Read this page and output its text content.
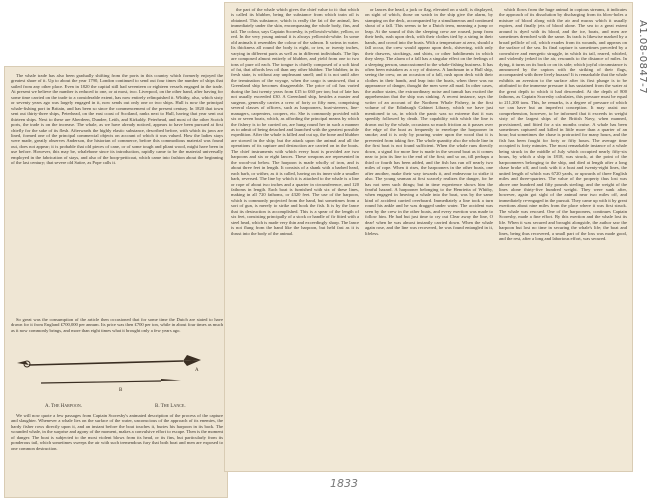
The whale trade has also been gradually shifting from the ports in this country which formerly enjoyed the greatest share of it. Up to about the year 1790, London continued to send out four times the number of ships that sailed from any other place. Even in 1820 the capital still had seventeen or eighteen vessels engaged in the trade. At present we believe the number is reduced to one, or at most, two. Liverpool, on the other hand, after having for some time carried on the trade to a considerable extent, has now entirely relinquished it. Whitby, also, which sixty or seventy years ago was largely engaged in it, now sends out only one or two ships. Hull is now the principal whale-fishing port in Britain, and has been so since the commencement of the present century. In 1820 that town sent out thirty-three ships, Peterhead, on the east coast of Scotland, ranks next to Hull, having that year sent out thirteen ships. Next to these are Aberdeen, Dundee, Leith, and Kirkaldy. Peterhead, and most of the other Scotch ports, the trade is on the increase. The whale, as we have already noticed, appears to have been pursued at first chiefly for the sake of its flesh. Afterwards the highly elastic substance, described before, with which its jaws are lined, formed one of the principal commercial objects on account of which it was valued. How the ladies stays were made, greatly observes Anderson, the historian of commerce, before this commodious material was found out, does not appear; it is probable that old pieces of cane, or of some tough and pliant wood, might have been in use before. However, this may be, whalebone since its introduction, rapidly came to be the material universally employed in the fabrication of stays, and also of the hoop-petticoat, which came into fashion about the beginning of the last century; that severe old Satire, as Pope calls it.

So great was the consumption of the article then occasioned that for some time the Dutch are stated to have drawn for it from England £700,000 per annum. Its price was then £700 per ton, while in about four times as much as it now commonly brings, and more than eight times what it brought only a few years ago.

B
A
A. The Harpoon.	B. The Lance.

We will now quote a few passages from Captain Scoresby's animated description of the process of the capture and slaughter. Whenever a whale lies on the surface of the water, unconscious of the approach of its enemies, the hardy fisher rows directly upon it, and an instant before the boat touches it, buries his harpoon in its back. The wounded whale, in the surprise and agony of the moment, makes a convulsive effort to escape. Then is the moment of danger. The boat is subjected to the most violent blows from its head, or its fins, but particularly from its ponderous tail, which sometimes sweeps the air with such tremendous fury that both boat and men are exposed to one common destruction.

the part of the whale which gives the chief value to it: that which is called its blubber, being the substance from which train oil is obtained. This substance, which is really the fat of the animal, lies immediately under the skin, encompassing the whole body, fins, and tail. The colour, says Captain Scoresby, is yellowish-white, yellow, or red. In the very young animal it is always yellowish-white. In some old animals it resembles the colour of the salmon. It swims in water. Its thickness all round the body is eight, or ten, or twenty inches, varying in different parts as well as in different individuals. The lips are composed almost entirely of blubber, and yield from one to two tons of pure oil each. The tongue is chiefly composed of a soft kind of fat, that affords less oil than any other blubber. The blubber, in its fresh state, is without any unpleasant smell; and it is not until after the termination of the voyage, when the cargo is unstowed, that a Greenland ship becomes disagreeable. The price of oil has varied during the last twenty years from £15 to £60 per ton; but of late has not usually exceeded £30. A Greenland ship, besides a master and surgeon, generally carries a crew of forty or fifty men, comprising several classes of officers, such as harpooners, boat-steerers, line-managers, carpenters, coopers, etc. She is commonly provided with six or seven boats, which, as affording the principal means by which the fishery is to be carried on, are hung round her in such a manner as to admit of being detached and launched with the greatest possible expedition. After the whale is killed and cut up, the bone and blubber are stowed in the ship; but the attack upon the animal and all the operations of its capture and destruction are carried on in the boats. The chief instruments with which every boat is provided are two harpoons and six or eight lances. These weapons are represented in the wood-cut below. The harpoon is made wholly of iron, and is about three feet in length. It consists of a shank with a barbed head, each barb, or wither, as it is called, having on its inner side a smaller barb, reversed. The line by which it is attached to the whale is a line or rope of about two inches and a quarter in circumference, and 120 fathoms in length. Each boat is furnished with six of these lines, making in all 720 fathoms, or 4320 feet. The use of the harpoon, which is commonly projected from the hand, but sometimes from a sort of gun, is merely to strike and hook the fish. It is by the lance that its destruction is accomplished. This is a spear of the length of six feet, consisting principally of a stock or handle of fir fitted with a steel head, which is made very thin and exceedingly sharp. The lance is not flung from the hand like the harpoon, but held fast as it is thrust into the body of the animal.

or lances the head, a jack or flag, elevated on a staff, is displayed, on sight of which, those on watch in the ship give the alarm, by stamping on the deck, accompanied by a simultaneous and continued shout of a fall. This seems to be a Dutch term, meaning a jump or leap. At the sound of this the sleeping crew are roused, jump from their beds, rush upon deck, with their clothes tied by a string in their hands, and crowd into the boats. With a temperature at zero, should a fall occur, the crew would appear upon deck, shivering, with only their drawers, stockings, and shirts, or other habiliments in which they sleep. The alarm of a fall has a singular effect on the feelings of a sleeping person, unaccustomed to the whale-fishing business. It has often been mistaken as a cry of distress. A landsman in a Hull ship, seeing the crew, on an occasion of a fall, rush upon deck with their clothes in their hands, and leap into the boats, when there was no appearance of danger, thought the men were all mad. In other cases, the author states, the extraordinary noise and tumult has excited the apprehension that the ship was sinking. A recent instance, says the writer of an account of the Northern Whale Fishery, in the first volume of the Edinburgh Cabinet Library, which we have just mentioned to us, in which the panic was so extreme that it was speedily followed by death. The capability with which the line is drawn out by the whale, occasions so much friction as it passes over the edge of the boat as frequently to envelope the harpooner in smoke; and it is only by pouring water upon the wood that it is prevented from taking fire. The whole quantity also the whole line in the first boat is not found sufficient. When the whale runs directly down, a signal for more line is made in the second boat as it comes near to join its line to the end of the first; and so on, till perhaps a third or fourth has been added, and the fish has run off nearly two miles of rope. When it rises, the harpooners in the other boats, one after another, make their way towards it, and endeavour to strike it also. The young seaman at first scarcely realizes the danger, for he has not seen such things; but in time experience shows him the fearful hazard. A harpooner belonging to the Henrietta of Whitby, when engaged in heaving a whale into the boat, was by the same kind of accident carried overboard. Immediately a line took a turn round his ankle and he was dragged under water. The accident was seen by the crew in the other boats, and every exertion was made to follow him. He had but just time to cry out Clear away the line, O dear! when he was almost instantly carried down. When the whale again rose, and the line was recovered, he was found entangled in it, lifeless.

which flows from the huge animal in copious streams, it indicates the approach of its dissolution by discharging from its blow-holes a mixture of blood along with the air and mucus which it usually expires, and finally jets of blood alone. The sea to a great extent around is dyed with its blood, and the ice, boats, and men are sometimes drenched with the same. Its track is likewise marked by a broad pellicle of oil, which exudes from its wounds, and appears on the surface of the sea. Its final capture is sometimes preceded by a convulsive and energetic struggle, in which its tail, reared, whirled, and violently jerked in the air, resounds to the distance of miles. In dying, it turns on its back or on its side; which joyful circumstance is announced by the captors with the striking of their flags, accompanied with three lively huzzas! It is remarkable that the whale exhibits an aversion to the surface after its first plunge is to be attributed to the immense pressure it has sustained from the water at the great depth to which it had descended. At the depth of 800 fathoms, as Captain Scoresby calculates, this pressure must be equal to 211,200 tons. This, he remarks, is a degree of pressure of which we can have but an imperfect conception. It may assist our comprehension, however, to be informed that it exceeds in weight sixty of the largest ships of the British Navy, when manned, provisioned, and fitted for a six months cruise. A whale has been sometimes captured and killed in little more than a quarter of an hour; but sometimes the chase is protracted for many hours, and the fish has been fought for forty or fifty hours. The average time occupied is forty minutes. The most remarkable instance of a whale being struck in the middle of July which occupied nearly fifty-six hours, by which a ship in 1818, was struck, at the point of the harpoonneers belonging to the ship, and died at length after a long chase broke off, and took with it a boat and twenty-eight lines, the united length of which was 6720 yards, or upwards of three English miles and three-quarters. The value of the property thus lost was above one hundred and fifty pounds sterling; and the weight of the lines alone thirty-five hundred weight. They were sunk after, however, again got sight of the animal near two miles off, and immediately re-engaged in the pursuit. They came up with it by great exertions about nine miles from the place where it was first struck. The whale was rescued. One of the harpooners, continues Captain Scoresby, made a fine effort. By this exertion and the whale lost its life. When it was secured and brought alongside, the author saw the harpoon but lost no time in securing the whale's life; the boat and lines, being thus recovered, a small part of the loss was made good, and the rest, after a long and laborious effort, was secured.

A1.08-0847-7
1833
